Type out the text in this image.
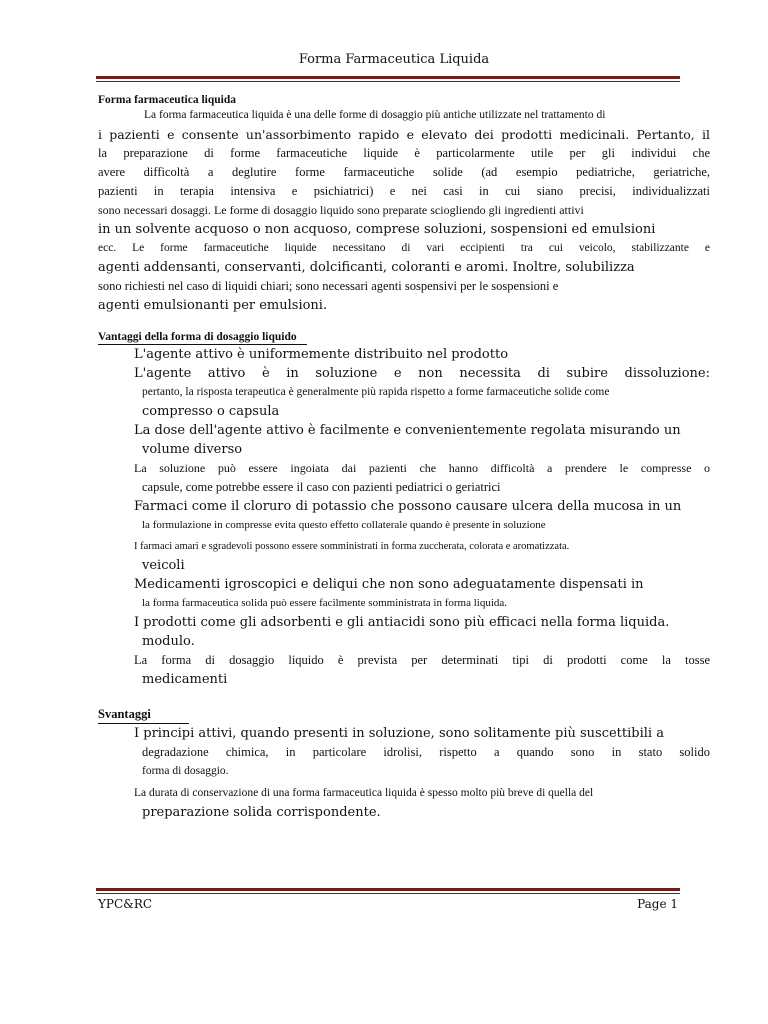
Forma Farmaceutica Liquida

Forma farmaceutica liquida

La forma farmaceutica liquida è una delle forme di dosaggio più antiche utilizzate nel trattamento di
i pazienti e consente un'assorbimento rapido e elevato dei prodotti medicinali. Pertanto, il
la preparazione di forme farmaceutiche liquide è particolarmente utile per gli individui che
avere difficoltà a deglutire forme farmaceutiche solide (ad esempio pediatriche, geriatriche,
pazienti in terapia intensiva e psichiatrici) e nei casi in cui siano precisi, individualizzati
sono necessari dosaggi. Le forme di dosaggio liquido sono preparate sciogliendo gli ingredienti attivi
in un solvente acquoso o non acquoso, comprese soluzioni, sospensioni ed emulsioni
ecc. Le forme farmaceutiche liquide necessitano di vari eccipienti tra cui veicolo, stabilizzante e
agenti addensanti, conservanti, dolcificanti, coloranti e aromi. Inoltre, solubilizza
sono richiesti nel caso di liquidi chiari; sono necessari agenti sospensivi per le sospensioni e
agenti emulsionanti per emulsioni.

Vantaggi della forma di dosaggio liquido

L'agente attivo è uniformemente distribuito nel prodotto
L'agente attivo è in soluzione e non necessita di subire dissoluzione:
pertanto, la risposta terapeutica è generalmente più rapida rispetto a forme farmaceutiche solide come
compresso o capsula
La dose dell'agente attivo è facilmente e convenientemente regolata misurando un
volume diverso
La soluzione può essere ingoiata dai pazienti che hanno difficoltà a prendere le compresse o
capsule, come potrebbe essere il caso con pazienti pediatrici o geriatrici
Farmaci come il cloruro di potassio che possono causare ulcera della mucosa in un
la formulazione in compresse evita questo effetto collaterale quando è presente in soluzione
I farmaci amari e sgradevoli possono essere somministrati in forma zuccherata, colorata e aromatizzata.
veicoli
Medicamenti igroscopici e deliqui che non sono adeguatamente dispensati in
la forma farmaceutica solida può essere facilmente somministrata in forma liquida.
I prodotti come gli adsorbenti e gli antiacidi sono più efficaci nella forma liquida.
modulo.
La forma di dosaggio liquido è prevista per determinati tipi di prodotti come la tosse
medicamenti

Svantaggi

I principi attivi, quando presenti in soluzione, sono solitamente più suscettibili a
degradazione chimica, in particolare idrolisi, rispetto a quando sono in stato solido
forma di dosaggio.
La durata di conservazione di una forma farmaceutica liquida è spesso molto più breve di quella del
preparazione solida corrispondente.
YPC&RC	Page 1
